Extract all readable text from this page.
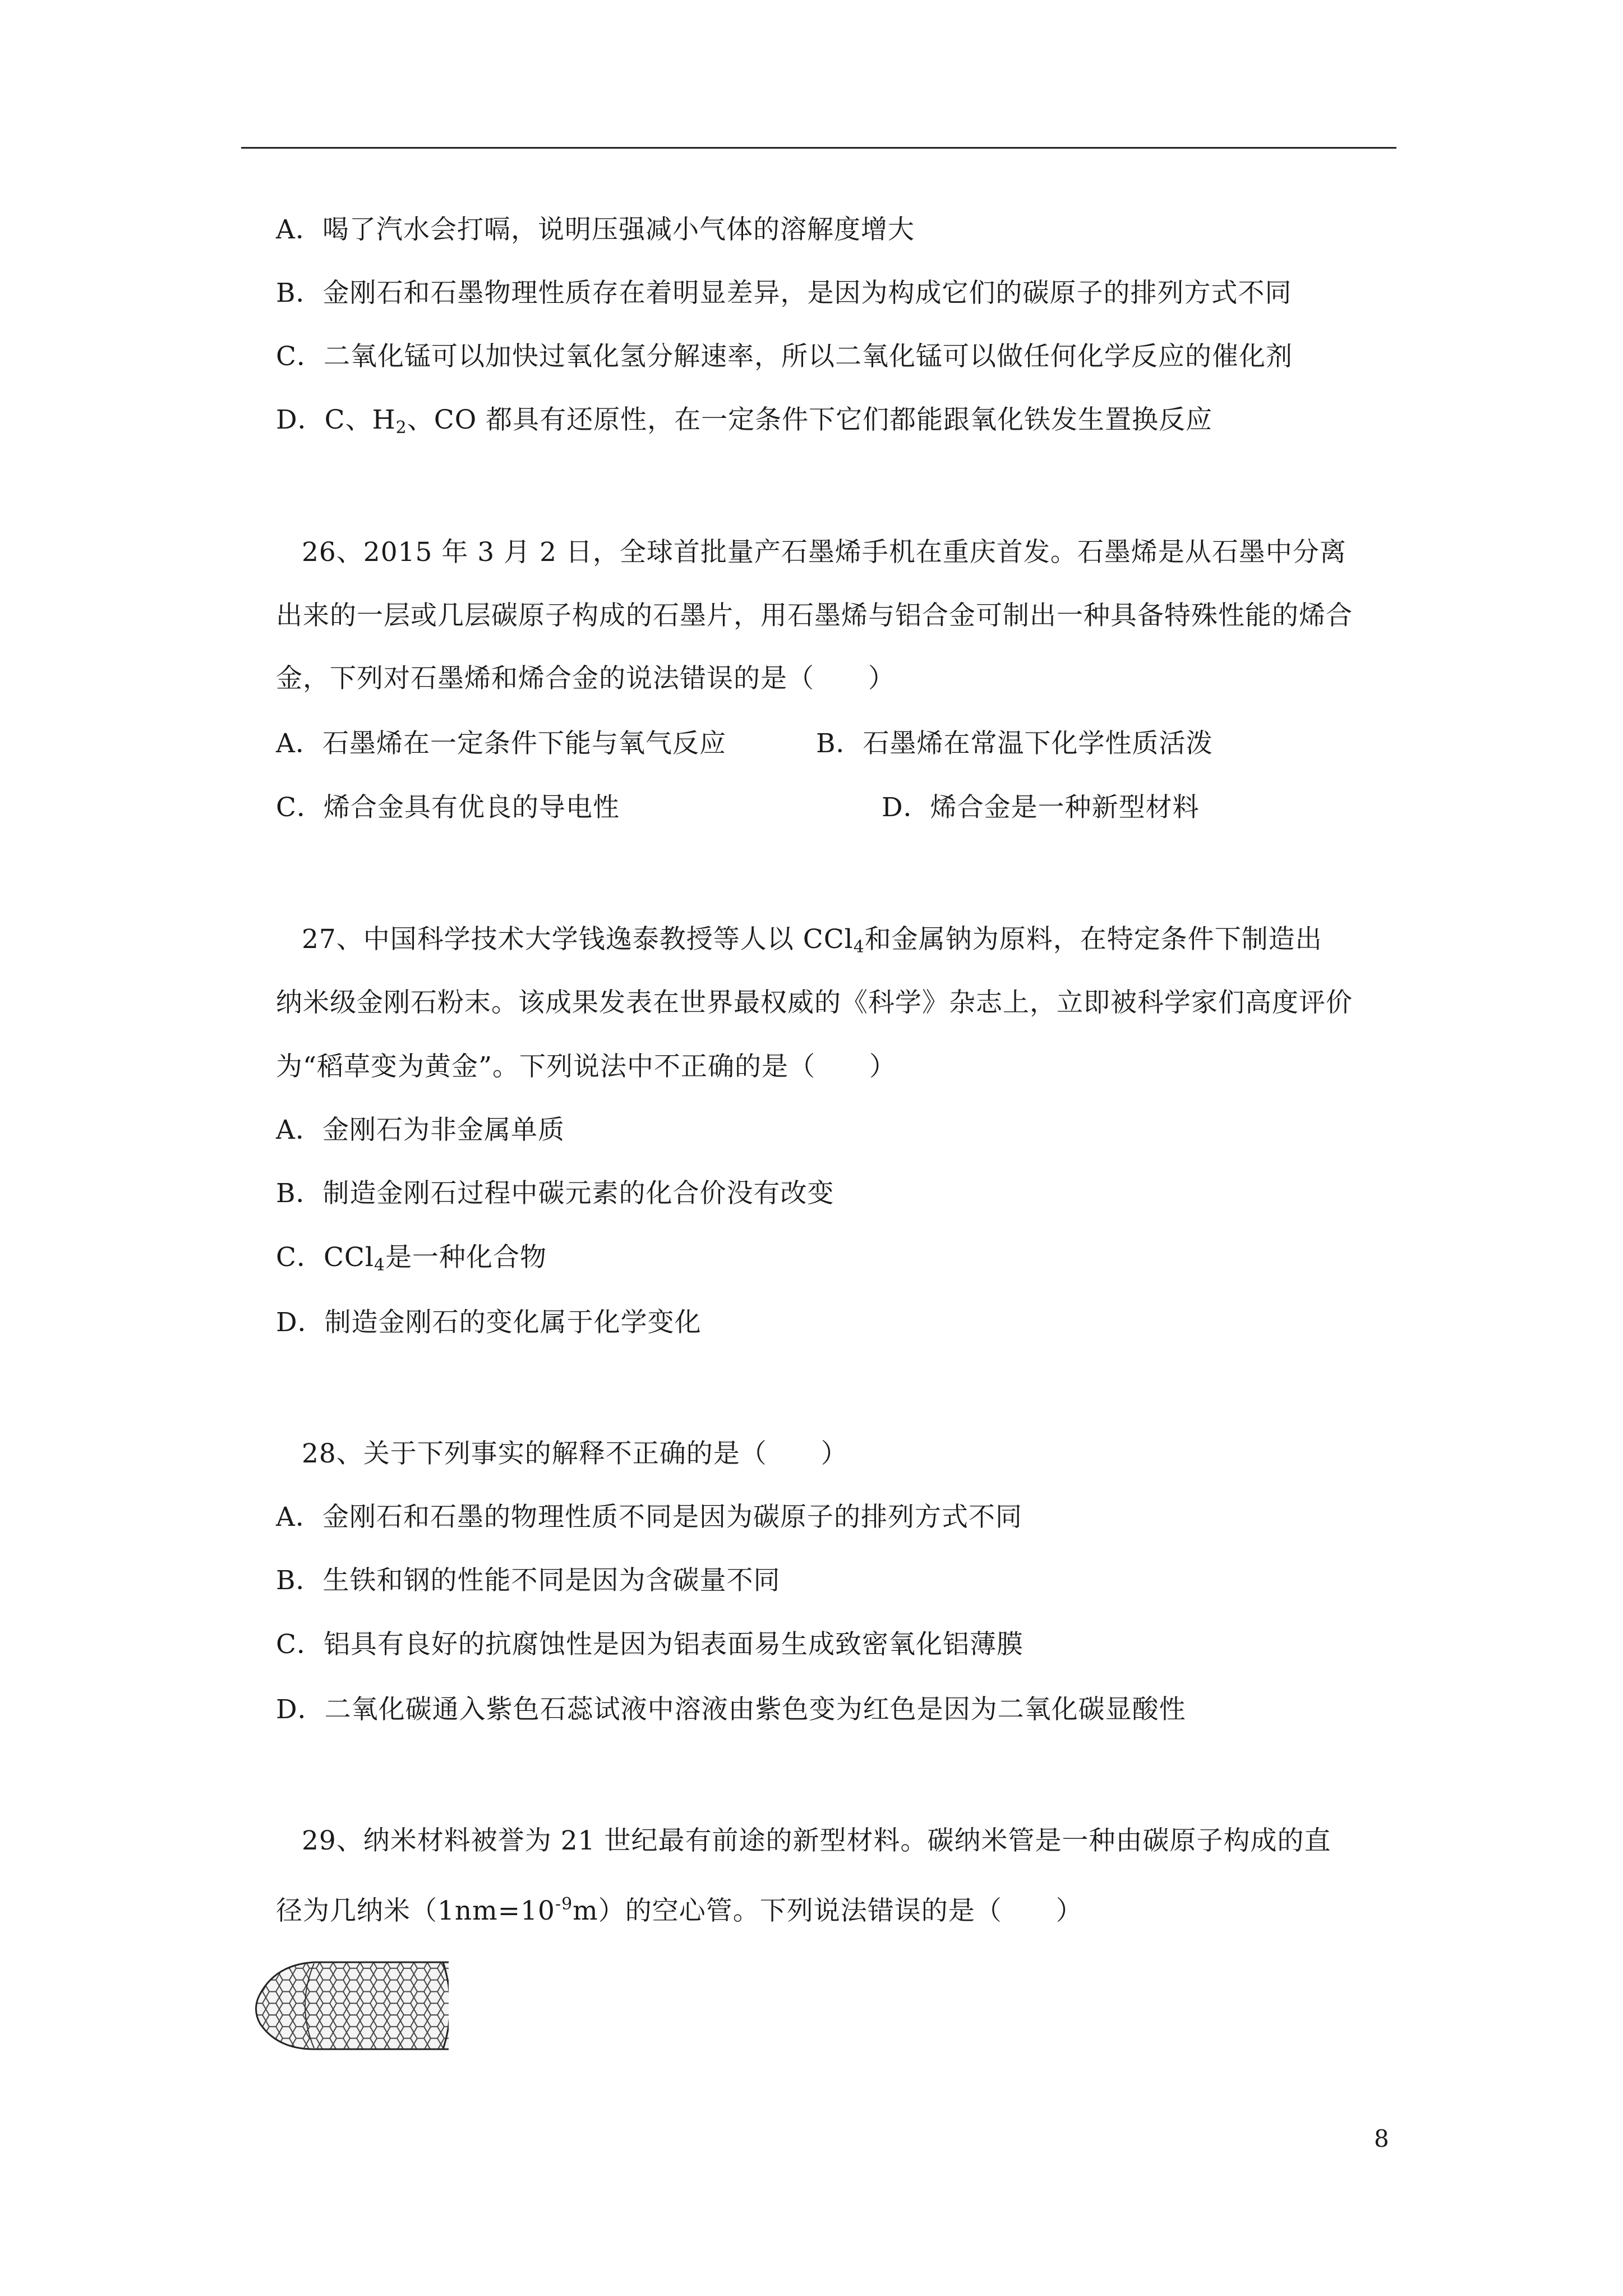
A．喝了汽水会打嗝，说明压强减小气体的溶解度增大
B．金刚石和石墨物理性质存在着明显差异，是因为构成它们的碳原子的排列方式不同
C．二氧化锰可以加快过氧化氢分解速率，所以二氧化锰可以做任何化学反应的催化剂
D．C、$H_2$、CO 都具有还原性，在一定条件下它们都能跟氧化铁发生置换反应
26、2015 年 3 月 2 日，全球首批量产石墨烯手机在重庆首发。石墨烯是从石墨中分离
出来的一层或几层碳原子构成的石墨片，用石墨烯与铝合金可制出一种具备特殊性能的烯合
金，下列对石墨烯和烯合金的说法错误的是（　　）
A．石墨烯在一定条件下能与氧气反应	B．石墨烯在常温下化学性质活泼
C．烯合金具有优良的导电性	D．烯合金是一种新型材料
27、中国科学技术大学钱逸泰教授等人以 CCl$_4$和金属钠为原料，在特定条件下制造出
纳米级金刚石粉末。该成果发表在世界最权威的《科学》杂志上，立即被科学家们高度评价
为“稻草变为黄金”。下列说法中不正确的是（　　）
A．金刚石为非金属单质
B．制造金刚石过程中碳元素的化合价没有改变
C．CCl$_4$是一种化合物
D．制造金刚石的变化属于化学变化
28、关于下列事实的解释不正确的是（　　）
A．金刚石和石墨的物理性质不同是因为碳原子的排列方式不同
B．生铁和钢的性能不同是因为含碳量不同
C．铝具有良好的抗腐蚀性是因为铝表面易生成致密氧化铝薄膜
D．二氧化碳通入紫色石蕊试液中溶液由紫色变为红色是因为二氧化碳显酸性
29、纳米材料被誉为 21 世纪最有前途的新型材料。碳纳米管是一种由碳原子构成的直
径为几纳米$(1nm=10^{-9}m)$的空心管。下列说法错误的是（　　）
8
